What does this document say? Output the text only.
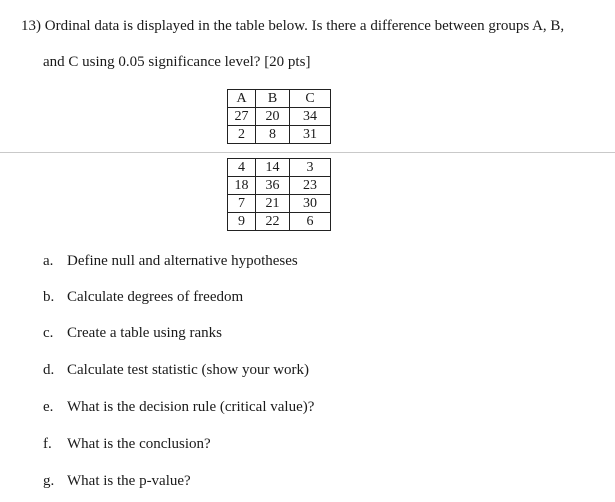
13) Ordinal data is displayed in the table below. Is there a difference between groups A, B,
and C using 0.05 significance level? [20 pts]
A	B	C
27	20	34
2	8	31
4	14	3
18	36	23
7	21	30
9	22	6
a. Define null and alternative hypotheses
b. Calculate degrees of freedom
c. Create a table using ranks
d. Calculate test statistic (show your work)
e. What is the decision rule (critical value)?
f. What is the conclusion?
g. What is the p-value?
